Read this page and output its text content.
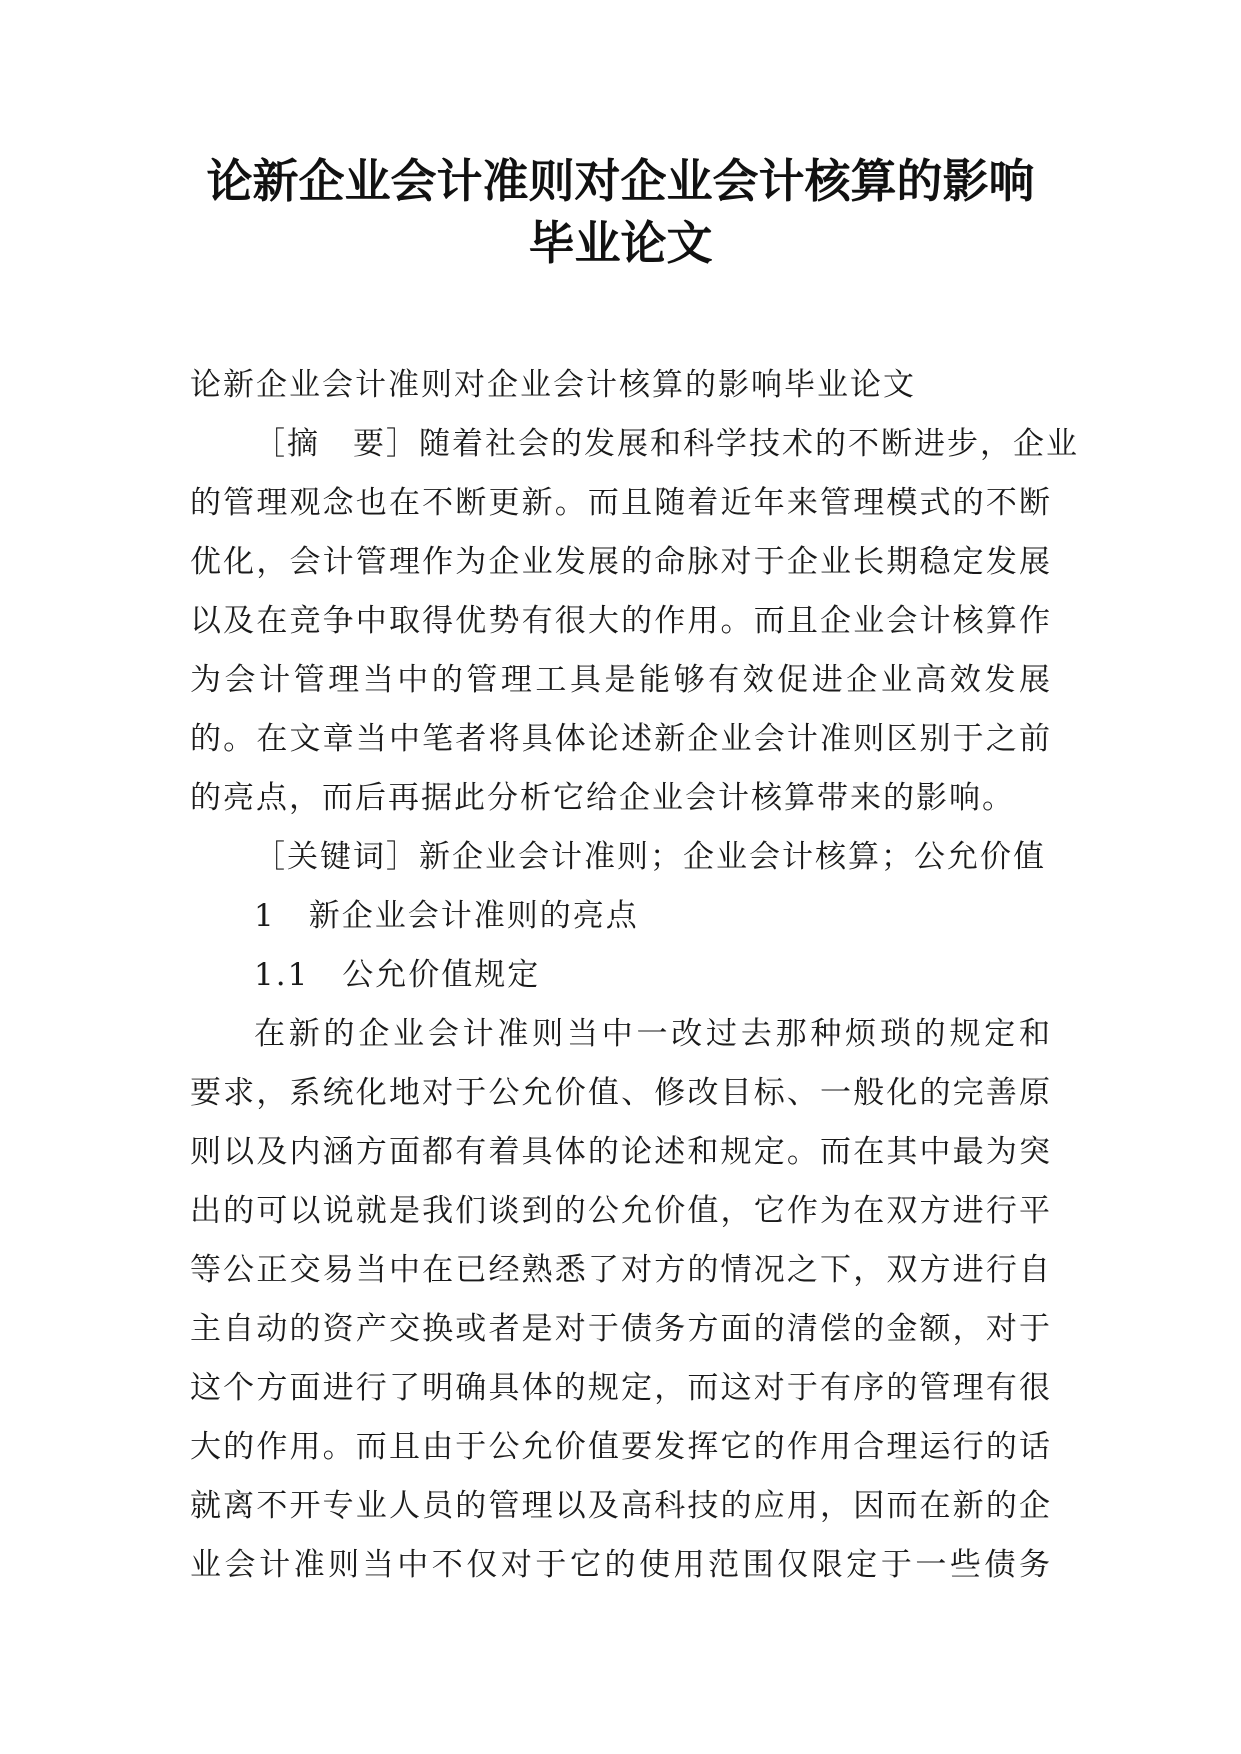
论新企业会计准则对企业会计核算的影响
毕业论文
论新企业会计准则对企业会计核算的影响毕业论文
［摘　要］随着社会的发展和科学技术的不断进步，企业
的管理观念也在不断更新。而且随着近年来管理模式的不断
优化，会计管理作为企业发展的命脉对于企业长期稳定发展
以及在竞争中取得优势有很大的作用。而且企业会计核算作
为会计管理当中的管理工具是能够有效促进企业高效发展
的。在文章当中笔者将具体论述新企业会计准则区别于之前
的亮点，而后再据此分析它给企业会计核算带来的影响。
［关键词］新企业会计准则；企业会计核算；公允价值
1　新企业会计准则的亮点
1.1　公允价值规定
在新的企业会计准则当中一改过去那种烦琐的规定和
要求，系统化地对于公允价值、修改目标、一般化的完善原
则以及内涵方面都有着具体的论述和规定。而在其中最为突
出的可以说就是我们谈到的公允价值，它作为在双方进行平
等公正交易当中在已经熟悉了对方的情况之下，双方进行自
主自动的资产交换或者是对于债务方面的清偿的金额，对于
这个方面进行了明确具体的规定，而这对于有序的管理有很
大的作用。而且由于公允价值要发挥它的作用合理运行的话
就离不开专业人员的管理以及高科技的应用，因而在新的企
业会计准则当中不仅对于它的使用范围仅限定于一些债务
